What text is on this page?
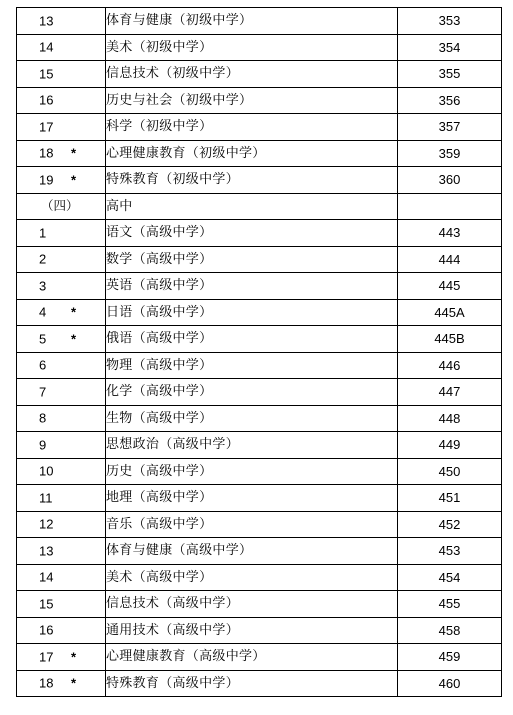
13	体育与健康（初级中学）	353

14	美术（初级中学）	354

15	信息技术（初级中学）	355

16	历史与社会（初级中学）	356

17	科学（初级中学）	357

18 *	心理健康教育（初级中学）	359

19 *	特殊教育（初级中学）	360

（四）	高中	

1	语文（高级中学）	443

2	数学（高级中学）	444

3	英语（高级中学）	445

4 *	日语（高级中学）	445A

5 *	俄语（高级中学）	445B

6	物理（高级中学）	446

7	化学（高级中学）	447

8	生物（高级中学）	448

9	思想政治（高级中学）	449

10	历史（高级中学）	450

11	地理（高级中学）	451

12	音乐（高级中学）	452

13	体育与健康（高级中学）	453

14	美术（高级中学）	454

15	信息技术（高级中学）	455

16	通用技术（高级中学）	458

17 *	心理健康教育（高级中学）	459

18 *	特殊教育（高级中学）	460
